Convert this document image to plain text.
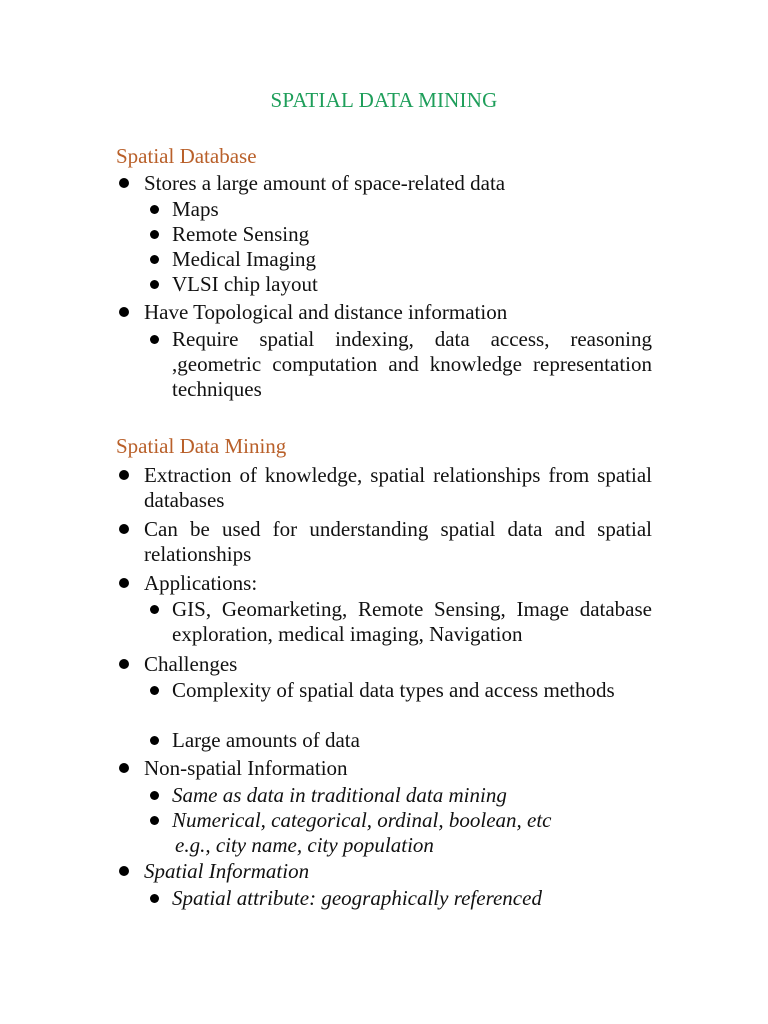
SPATIAL DATA MINING
Spatial Database
Stores a large amount of space-related data
Maps
Remote Sensing
Medical Imaging
VLSI chip layout
Have Topological and distance information
Require spatial indexing, data access, reasoning ,geometric computation and knowledge representation techniques
Spatial Data Mining
Extraction of knowledge, spatial relationships from spatial databases
Can be used for understanding spatial data and spatial relationships
Applications:
GIS, Geomarketing, Remote Sensing, Image database exploration, medical imaging, Navigation
Challenges
Complexity of spatial data types and access methods
Large amounts of data
Non-spatial Information
Same as data in traditional data mining
Numerical, categorical, ordinal, boolean, etc
e.g., city name, city population
Spatial Information
Spatial attribute: geographically referenced
